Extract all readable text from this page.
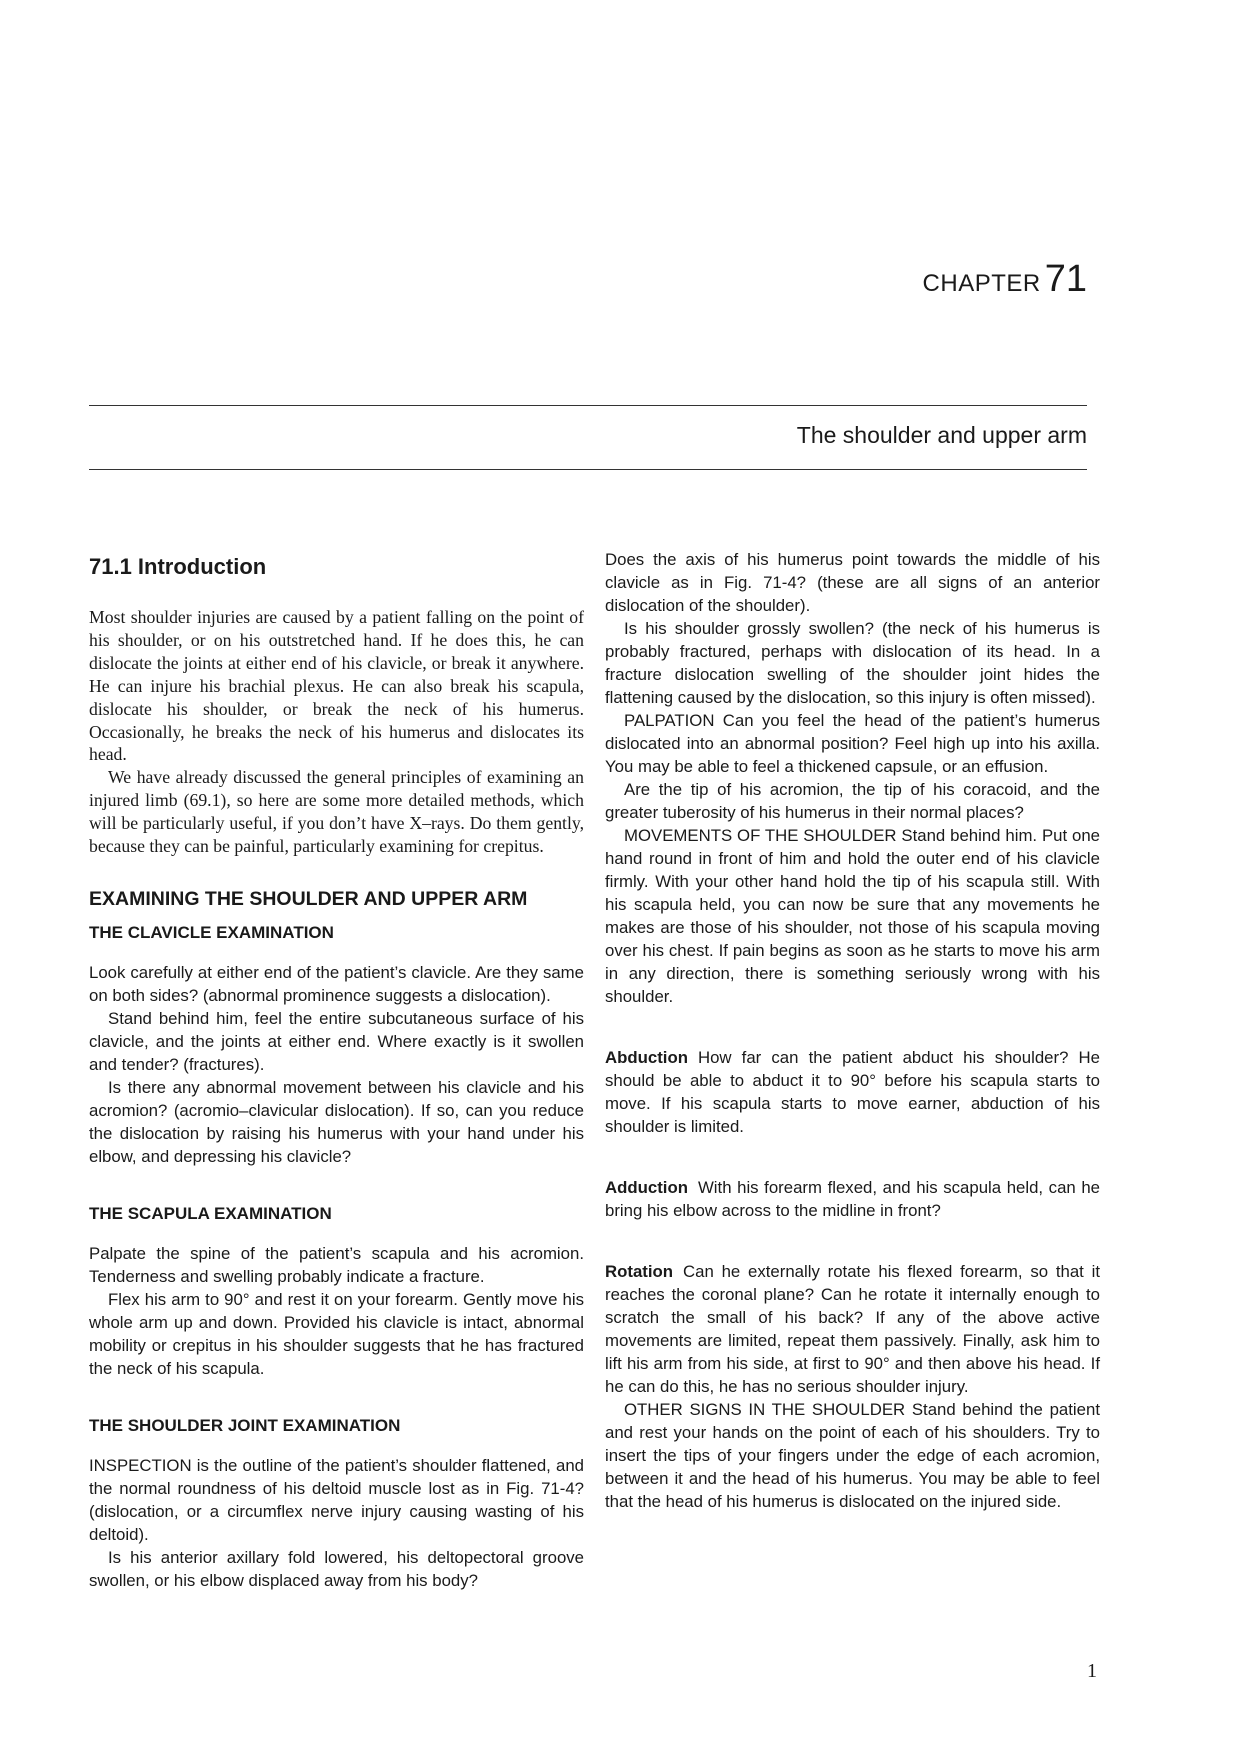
CHAPTER 71
The shoulder and upper arm
71.1 Introduction

Most shoulder injuries are caused by a patient falling on the point of his shoulder, or on his outstretched hand. If he does this, he can dislocate the joints at either end of his clavicle, or break it anywhere. He can injure his brachial plexus. He can also break his scapula, dislocate his shoulder, or break the neck of his humerus. Occasionally, he breaks the neck of his humerus and dislocates its head.

We have already discussed the general principles of examining an injured limb (69.1), so here are some more detailed methods, which will be particularly useful, if you don’t have X–rays. Do them gently, because they can be painful, particularly examining for crepitus.

EXAMINING THE SHOULDER AND UPPER ARM
THE CLAVICLE EXAMINATION

Look carefully at either end of the patient’s clavicle. Are they same on both sides? (abnormal prominence suggests a dislocation).

Stand behind him, feel the entire subcutaneous surface of his clavicle, and the joints at either end. Where exactly is it swollen and tender? (fractures).

Is there any abnormal movement between his clavicle and his acromion? (acromio–clavicular dislocation). If so, can you reduce the dislocation by raising his humerus with your hand under his elbow, and depressing his clavicle?

THE SCAPULA EXAMINATION

Palpate the spine of the patient’s scapula and his acromion. Tenderness and swelling probably indicate a fracture.

Flex his arm to 90° and rest it on your forearm. Gently move his whole arm up and down. Provided his clavicle is intact, abnormal mobility or crepitus in his shoulder suggests that he has fractured the neck of his scapula.

THE SHOULDER JOINT EXAMINATION

INSPECTION is the outline of the patient’s shoulder flattened, and the normal roundness of his deltoid muscle lost as in Fig. 71-4? (dislocation, or a circumflex nerve injury causing wasting of his deltoid).

Is his anterior axillary fold lowered, his deltopectoral groove swollen, or his elbow displaced away from his body?

Does the axis of his humerus point towards the middle of his clavicle as in Fig. 71-4? (these are all signs of an anterior dislocation of the shoulder).

Is his shoulder grossly swollen? (the neck of his humerus is probably fractured, perhaps with dislocation of its head. In a fracture dislocation swelling of the shoulder joint hides the flattening caused by the dislocation, so this injury is often missed).

PALPATION Can you feel the head of the patient’s humerus dislocated into an abnormal position? Feel high up into his axilla. You may be able to feel a thickened capsule, or an effusion.

Are the tip of his acromion, the tip of his coracoid, and the greater tuberosity of his humerus in their normal places?

MOVEMENTS OF THE SHOULDER Stand behind him. Put one hand round in front of him and hold the outer end of his clavicle firmly. With your other hand hold the tip of his scapula still. With his scapula held, you can now be sure that any movements he makes are those of his shoulder, not those of his scapula moving over his chest. If pain begins as soon as he starts to move his arm in any direction, there is something seriously wrong with his shoulder.

Abduction How far can the patient abduct his shoulder? He should be able to abduct it to 90° before his scapula starts to move. If his scapula starts to move earner, abduction of his shoulder is limited.

Adduction With his forearm flexed, and his scapula held, can he bring his elbow across to the midline in front?

Rotation Can he externally rotate his flexed forearm, so that it reaches the coronal plane? Can he rotate it internally enough to scratch the small of his back? If any of the above active movements are limited, repeat them passively. Finally, ask him to lift his arm from his side, at first to 90° and then above his head. If he can do this, he has no serious shoulder injury.

OTHER SIGNS IN THE SHOULDER Stand behind the patient and rest your hands on the point of each of his shoulders. Try to insert the tips of your fingers under the edge of each acromion, between it and the head of his humerus. You may be able to feel that the head of his humerus is dislocated on the injured side.

1
